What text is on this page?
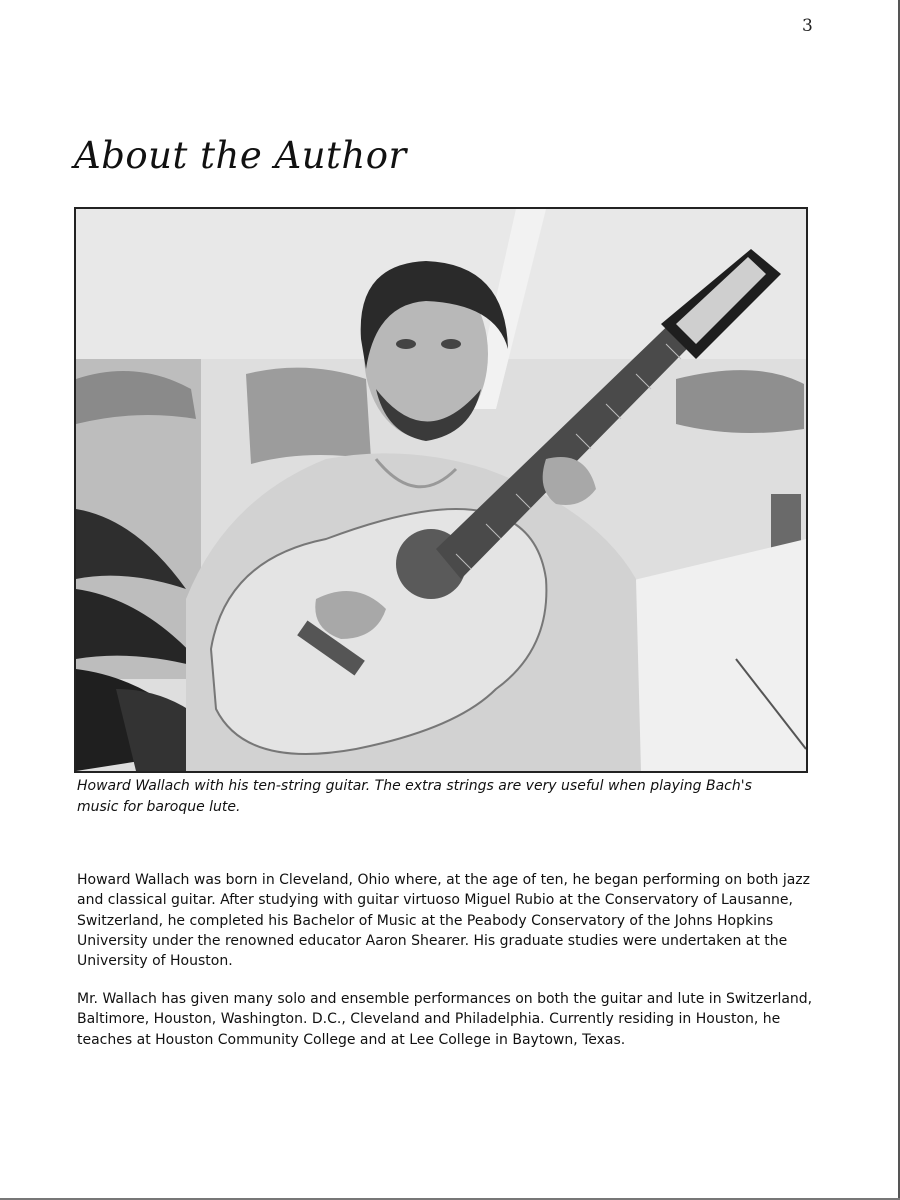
3
About the Author

Howard Wallach with his ten-string guitar. The extra strings are very useful when playing Bach's music for baroque lute.

Howard Wallach was born in Cleveland, Ohio where, at the age of ten, he began performing on both jazz and classical guitar. After studying with guitar virtuoso Miguel Rubio at the Conservatory of Lausanne, Switzerland, he completed his Bachelor of Music at the Peabody Conservatory of the Johns Hopkins University under the renowned educator Aaron Shearer. His graduate studies were undertaken at the University of Houston.

Mr. Wallach has given many solo and ensemble performances on both the guitar and lute in Switzerland, Baltimore, Houston, Washington. D.C., Cleveland and Philadelphia. Currently residing in Houston, he teaches at Houston Community College and at Lee College in Baytown, Texas.
